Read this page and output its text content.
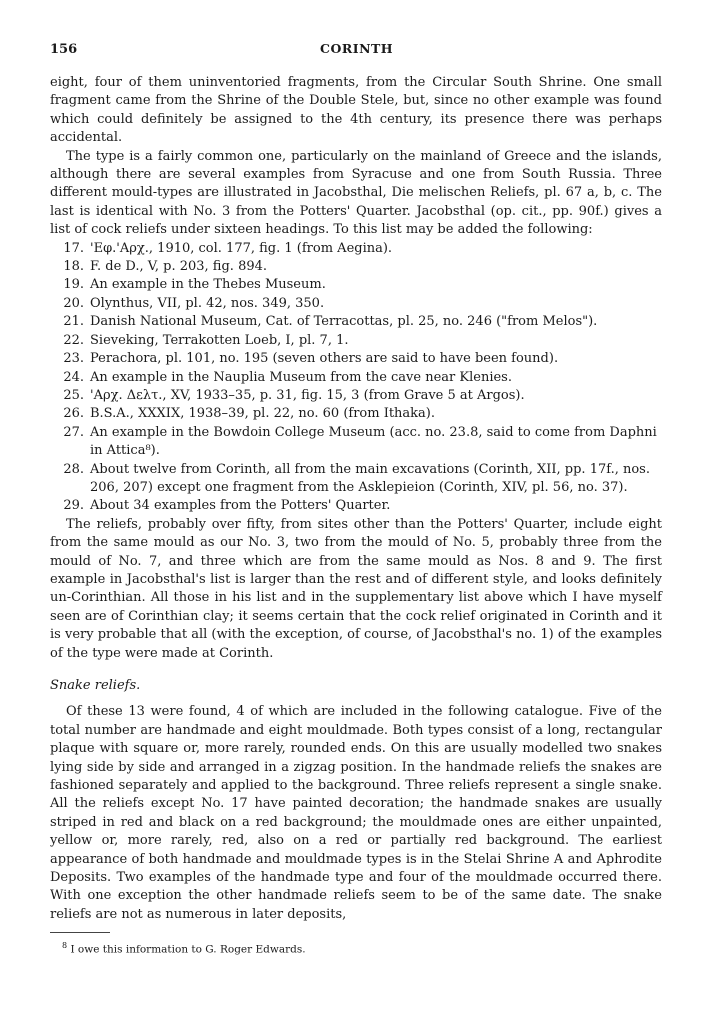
156	CORINTH

eight, four of them uninventoried fragments, from the Circular South Shrine. One small fragment came from the Shrine of the Double Stele, but, since no other example was found which could definitely be assigned to the 4th century, its presence there was perhaps accidental.

The type is a fairly common one, particularly on the mainland of Greece and the islands, although there are several examples from Syracuse and one from South Russia. Three different mould-types are illustrated in Jacobsthal, Die melischen Reliefs, pl. 67 a, b, c. The last is identical with No. 3 from the Potters' Quarter. Jacobsthal (op. cit., pp. 90f.) gives a list of cock reliefs under sixteen headings. To this list may be added the following:

17. 'Εφ.'Αρχ., 1910, col. 177, fig. 1 (from Aegina).
18. F. de D., V, p. 203, fig. 894.
19. An example in the Thebes Museum.
20. Olynthus, VII, pl. 42, nos. 349, 350.
21. Danish National Museum, Cat. of Terracottas, pl. 25, no. 246 ("from Melos").
22. Sieveking, Terrakotten Loeb, I, pl. 7, 1.
23. Perachora, pl. 101, no. 195 (seven others are said to have been found).
24. An example in the Nauplia Museum from the cave near Klenies.
25. 'Αρχ. Δελτ., XV, 1933–35, p. 31, fig. 15, 3 (from Grave 5 at Argos).
26. B.S.A., XXXIX, 1938–39, pl. 22, no. 60 (from Ithaka).
27. An example in the Bowdoin College Museum (acc. no. 23.8, said to come from Daphni in Attica⁸).
28. About twelve from Corinth, all from the main excavations (Corinth, XII, pp. 17f., nos. 206, 207) except one fragment from the Asklepieion (Corinth, XIV, pl. 56, no. 37).
29. About 34 examples from the Potters' Quarter.

The reliefs, probably over fifty, from sites other than the Potters' Quarter, include eight from the same mould as our No. 3, two from the mould of No. 5, probably three from the mould of No. 7, and three which are from the same mould as Nos. 8 and 9. The first example in Jacobsthal's list is larger than the rest and of different style, and looks definitely un-Corinthian. All those in his list and in the supplementary list above which I have myself seen are of Corinthian clay; it seems certain that the cock relief originated in Corinth and it is very probable that all (with the exception, of course, of Jacobsthal's no. 1) of the examples of the type were made at Corinth.

Snake reliefs.

Of these 13 were found, 4 of which are included in the following catalogue. Five of the total number are handmade and eight mouldmade. Both types consist of a long, rectangular plaque with square or, more rarely, rounded ends. On this are usually modelled two snakes lying side by side and arranged in a zigzag position. In the handmade reliefs the snakes are fashioned separately and applied to the background. Three reliefs represent a single snake. All the reliefs except No. 17 have painted decoration; the handmade snakes are usually striped in red and black on a red background; the mouldmade ones are either unpainted, yellow or, more rarely, red, also on a red or partially red background. The earliest appearance of both handmade and mouldmade types is in the Stelai Shrine A and Aphrodite Deposits. Two examples of the handmade type and four of the mouldmade occurred there. With one exception the other handmade reliefs seem to be of the same date. The snake reliefs are not as numerous in later deposits,

$^8$ I owe this information to G. Roger Edwards.
